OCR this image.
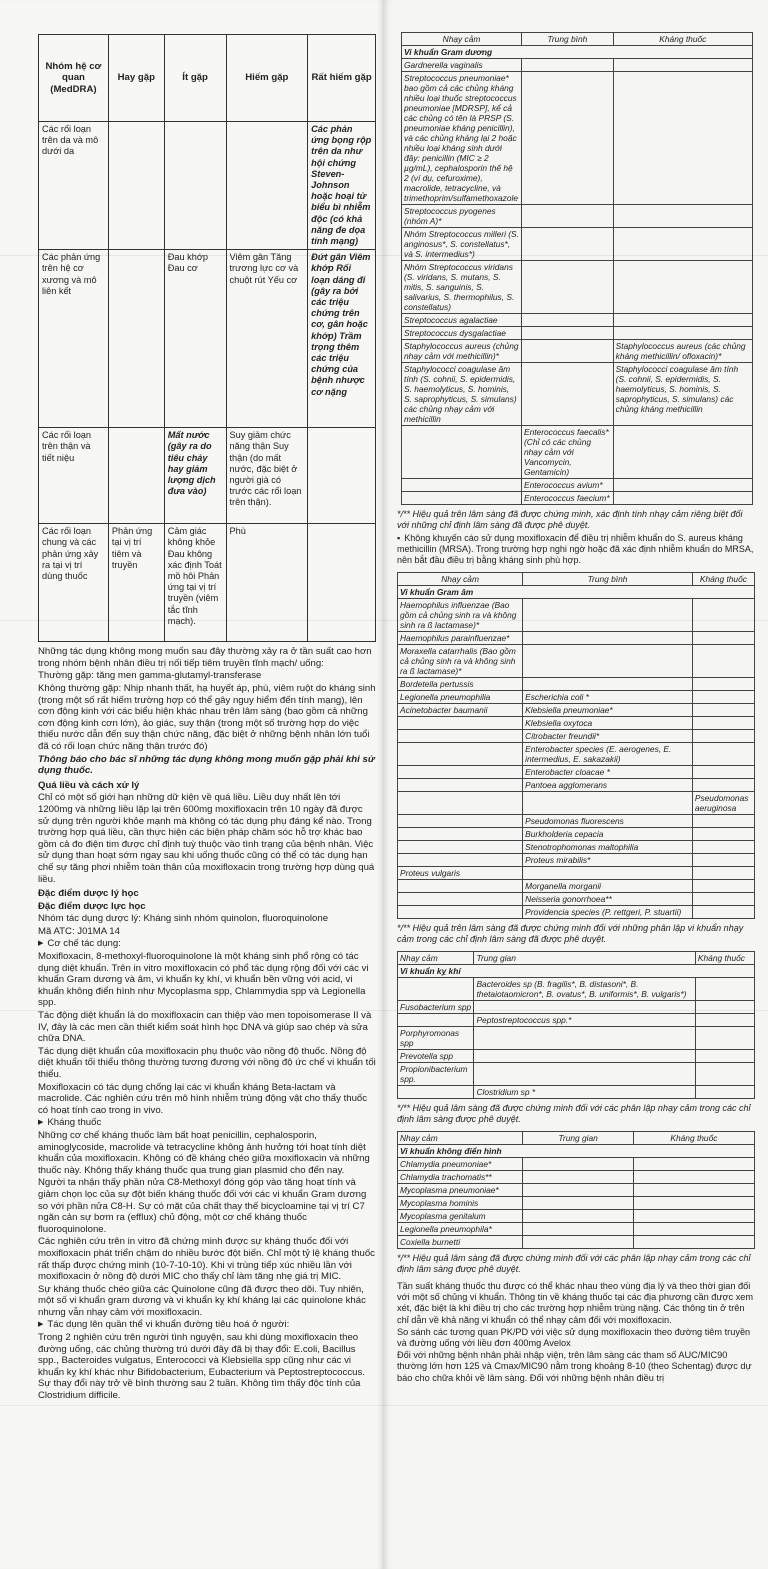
Nhóm hệ cơ quan (MedDRA)	Hay gặp	Ít gặp	Hiếm gặp	Rất hiếm gặp
Các rối loạn trên da và mô dưới da				Các phản ứng bọng rộp trên da như hội chứng Steven-Johnson hoặc hoại tử biểu bì nhiễm độc (có khả năng đe dọa tính mạng)
Các phản ứng trên hệ cơ xương và mô liên kết		Đau khớp Đau cơ	Viêm gân Tăng trương lực cơ và chuột rút Yếu cơ	Đứt gân Viêm khớp Rối loạn dáng đi (gây ra bởi các triệu chứng trên cơ, gân hoặc khớp) Trầm trọng thêm các triệu chứng của bệnh nhược cơ nặng
Các rối loạn trên thận và tiết niệu		Mất nước (gây ra do tiêu chảy hay giảm lượng dịch đưa vào)	Suy giảm chức năng thận Suy thận (do mất nước, đặc biệt ở người già có trước các rối loạn trên thận).	
Các rối loạn chung và các phản ứng xảy ra tại vị trí dùng thuốc	Phản ứng tại vị trí tiêm và truyền	Cảm giác không khỏe Đau không xác định Toát mồ hôi Phản ứng tại vị trí truyền (viêm tắc tĩnh mạch).	Phù	

Những tác dụng không mong muốn sau đây thường xảy ra ở tần suất cao hơn trong nhóm bệnh nhân điều trị nối tiếp tiêm truyền tĩnh mạch/ uống:

Thường gặp: tăng men gamma-glutamyl-transferase

Không thường gặp: Nhịp nhanh thất, hạ huyết áp, phù, viêm ruột do kháng sinh (trong một số rất hiếm trường hợp có thể gây nguy hiểm đến tính mạng), lên cơn động kinh với các biểu hiện khác nhau trên lâm sàng (bao gồm cả những cơn động kinh cơn lớn), ảo giác, suy thận (trong một số trường hợp do việc thiếu nước dẫn đến suy thận chức năng, đặc biệt ở những bệnh nhân lớn tuổi đã có rối loạn chức năng thận trước đó)

Thông báo cho bác sĩ những tác dụng không mong muốn gặp phải khi sử dụng thuốc.

Quá liều và cách xử lý

Chỉ có một số giới hạn những dữ kiện về quá liều. Liều duy nhất lên tới 1200mg và những liều lặp lại trên 600mg moxifloxacin trên 10 ngày đã được sử dụng trên người khỏe mạnh mà không có tác dụng phụ đáng kể nào. Trong trường hợp quá liều, cần thực hiện các biện pháp chăm sóc hỗ trợ khác bao gồm cả đo điện tim được chỉ định tuỳ thuộc vào tình trạng của bệnh nhân. Việc sử dụng than hoạt sớm ngay sau khi uống thuốc cũng có thể có tác dụng hạn chế sự tăng phơi nhiễm toàn thân của moxifloxacin trong trường hợp dùng quá liều.

Đặc điểm dược lý học

Đặc điểm dược lực học

Nhóm tác dụng dược lý: Kháng sinh nhóm quinolon, fluoroquinolone

Mã ATC: J01MA 14

▶ Cơ chế tác dụng:

Moxifloxacin, 8-methoxyl-fluoroquinolone là một kháng sinh phổ rộng có tác dụng diệt khuẩn. Trên in vitro moxifloxacin có phổ tác dụng rộng đối với các vi khuẩn Gram dương và âm, vi khuẩn kỵ khí, vi khuẩn bền vững với acid, vi khuẩn không điển hình như Mycoplasma spp, Chlammydia spp và Legionella spp.

Tác động diệt khuẩn là do moxifloxacin can thiệp vào men topoisomerase II và IV, đây là các men cần thiết kiểm soát hình học DNA và giúp sao chép và sửa chữa DNA.

Tác dụng diệt khuẩn của moxifloxacin phụ thuộc vào nồng độ thuốc. Nồng độ diệt khuẩn tối thiểu thông thường tương đương với nồng độ ức chế vi khuẩn tối thiểu.

Moxifloxacin có tác dụng chống lại các vi khuẩn kháng Beta-lactam và macrolide. Các nghiên cứu trên mô hình nhiễm trùng động vật cho thấy thuốc có hoạt tính cao trong in vivo.

▶ Kháng thuốc

Những cơ chế kháng thuốc làm bất hoạt penicillin, cephalosporin, aminoglycoside, macrolide và tetracycline không ảnh hưởng tới hoạt tính diệt khuẩn của moxifloxacin. Không có đề kháng chéo giữa moxifloxacin và những thuốc này. Không thấy kháng thuốc qua trung gian plasmid cho đến nay.

Người ta nhận thấy phần nửa C8-Methoxyl đóng góp vào tăng hoạt tính và giảm chọn lọc của sự đột biến kháng thuốc đối với các vi khuẩn Gram dương so với phần nửa C8-H. Sự có mặt của chất thay thế bicycloamine tại vị trí C7 ngăn cản sự bơm ra (efflux) chủ động, một cơ chế kháng thuốc fluoroquinolone.

Các nghiên cứu trên in vitro đã chứng minh được sự kháng thuốc đối với moxifloxacin phát triển chậm do nhiều bước đột biến. Chỉ một tỷ lệ kháng thuốc rất thấp được chứng minh (10-7-10-10). Khi vi trùng tiếp xúc nhiều lần với moxifloxacin ở nồng độ dưới MIC cho thấy chỉ làm tăng nhẹ giá trị MIC.

Sự kháng thuốc chéo giữa các Quinolone cũng đã được theo dõi. Tuy nhiên, một số vi khuẩn gram dương và vi khuẩn kỵ khí kháng lại các quinolone khác nhưng vẫn nhạy cảm với moxifloxacin.

▶ Tác dụng lên quần thể vi khuẩn đường tiêu hoá ở người:

Trong 2 nghiên cứu trên người tình nguyện, sau khi dùng moxifloxacin theo đường uống, các chủng thường trú dưới đây đã bị thay đổi: E.coli, Bacillus spp., Bacteroides vulgatus, Enterococci và Klebsiella spp cũng như các vi khuẩn kỵ khí khác như Bifidobacterium, Eubacterium và Peptostreptococcus. Sự thay đổi này trở về bình thường sau 2 tuần. Không tìm thấy độc tính của Clostridium difficile.

Nhạy cảm	Trung bình	Kháng thuốc
Vi khuẩn Gram dương		
Gardnerella vaginalis		
Streptococcus pneumoniae* bao gồm cả các chủng kháng nhiều loại thuốc streptococcus pneumoniae [MDRSP], kể cả các chủng có tên là PRSP (S. pneumoniae kháng penicillin), và các chủng kháng lại 2 hoặc nhiều loại kháng sinh dưới đây: penicillin (MIC ≥ 2 µg/mL), cephalosporin thế hệ 2 (ví dụ, cefuroxime), macrolide, tetracycline, và trimethoprim/sulfamethoxazole		
Streptococcus pyogenes (nhóm A)*		
Nhóm Streptococcus milleri (S. anginosus*, S. constellatus*, và S. intermedius*)		
Nhóm Streptococcus viridans (S. viridans, S. mutans, S. mitis, S. sanguinis, S. salivarius, S. thermophilus, S. constellatus)		
Streptococcus agalactiae		
Streptococcus dysgalactiae		
Staphylococcus aureus (chủng nhạy cảm với methicillin)*		Staphylococcus aureus (các chủng kháng methicillin/ ofloxacin)*
Staphylococci coagulase âm tính (S. cohnii, S. epidermidis, S. haemolyticus, S. hominis, S. saprophyticus, S. simulans) các chủng nhạy cảm với methicillin		Staphylococci coagulase âm tính (S. cohnii, S. epidermidis, S. haemolyticus, S. hominis, S. saprophyticus, S. simulans) các chủng kháng methicillin
	Enterococcus faecalis* (Chỉ có các chủng nhạy cảm với Vancomycin, Gentamicin)	
	Enterococcus avium*	
	Enterococcus faecium*	

*/** Hiệu quả trên lâm sàng đã được chứng minh, xác định tính nhạy cảm riêng biệt đối với những chỉ định lâm sàng đã được phê duyệt.

▪ Không khuyến cáo sử dụng moxifloxacin để điều trị nhiễm khuẩn do S. aureus kháng methicillin (MRSA). Trong trường hợp nghi ngờ hoặc đã xác định nhiễm khuẩn do MRSA, nên bắt đầu điều trị bằng kháng sinh phù hợp.

Nhạy cảm	Trung bình	Kháng thuốc
Vi khuẩn Gram âm		
Haemophilus influenzae (Bao gồm cả chủng sinh ra và không sinh ra ß lactamase)*		
Haemophilus parainfluenzae*		
Moraxella catarrhalis (Bao gồm cả chủng sinh ra và không sinh ra ß lactamase)*		
Bordetella pertussis		
Legionella pneumophilia	Escherichia coli *	
Acinetobacter baumanii	Klebsiella pneumoniae*	
	Klebsiella oxytoca	
	Citrobacter freundii*	
	Enterobacter species (E. aerogenes, E. intermedius, E. sakazakii)	
	Enterobacter cloacae *	
	Pantoea agglomerans	
		Pseudomonas aeruginosa
	Pseudomonas fluorescens	
	Burkholderia cepacia	
	Stenotrophomonas maltophilia	
	Proteus mirabilis*	
Proteus vulgaris		
	Morganella morganii	
	Neisseria gonorrhoea**	
	Providencia species (P. rettgeri, P. stuartii)	

*/** Hiệu quả trên lâm sàng đã được chứng minh đối với những phân lập vi khuẩn nhạy cảm trong các chỉ định lâm sàng đã được phê duyệt.

Nhạy cảm	Trung gian	Kháng thuốc
Vi khuẩn kỵ khí		
	Bacteroides sp (B. fragilis*, B. distasoni*, B. thetaiotaomicron*, B. ovatus*, B. uniformis*, B. vulgaris*)	
Fusobacterium spp		
	Peptostreptococcus spp.*	
Porphyromonas spp		
Prevotella spp		
Propionibacterium spp.		
	Clostridium sp *	

*/** Hiệu quả lâm sàng đã được chứng minh đối với các phân lập nhạy cảm trong các chỉ định lâm sàng được phê duyệt.

Nhạy cảm	Trung gian	Kháng thuốc
Vi khuẩn không điển hình		
Chlamydia pneumoniae*		
Chlamydia trachomatis**		
Mycoplasma pneumoniae*		
Mycoplasma hominis		
Mycoplasma genitalum		
Legionella pneumophila*		
Coxiella burnetti		

*/** Hiệu quả lâm sàng đã được chứng minh đối với các phân lập nhạy cảm trong các chỉ định lâm sàng được phê duyệt.

Tần suất kháng thuốc thu được có thể khác nhau theo vùng địa lý và theo thời gian đối với một số chủng vi khuẩn. Thông tin về kháng thuốc tại các địa phương cần được xem xét, đặc biệt là khi điều trị cho các trường hợp nhiễm trùng nặng. Các thông tin ở trên chỉ dẫn về khả năng vi khuẩn có thể nhạy cảm đối với moxifloxacin.

So sánh các tương quan PK/PD với việc sử dụng moxifloxacin theo đường tiêm truyền và đường uống với liều đơn 400mg Avelox

Đối với những bệnh nhân phải nhập viện, trên lâm sàng các tham số AUC/MIC90 thường lớn hơn 125 và Cmax/MIC90 nằm trong khoảng 8-10 (theo Schentag) được dự báo cho chữa khỏi về lâm sàng. Đối với những bệnh nhân điều trị
